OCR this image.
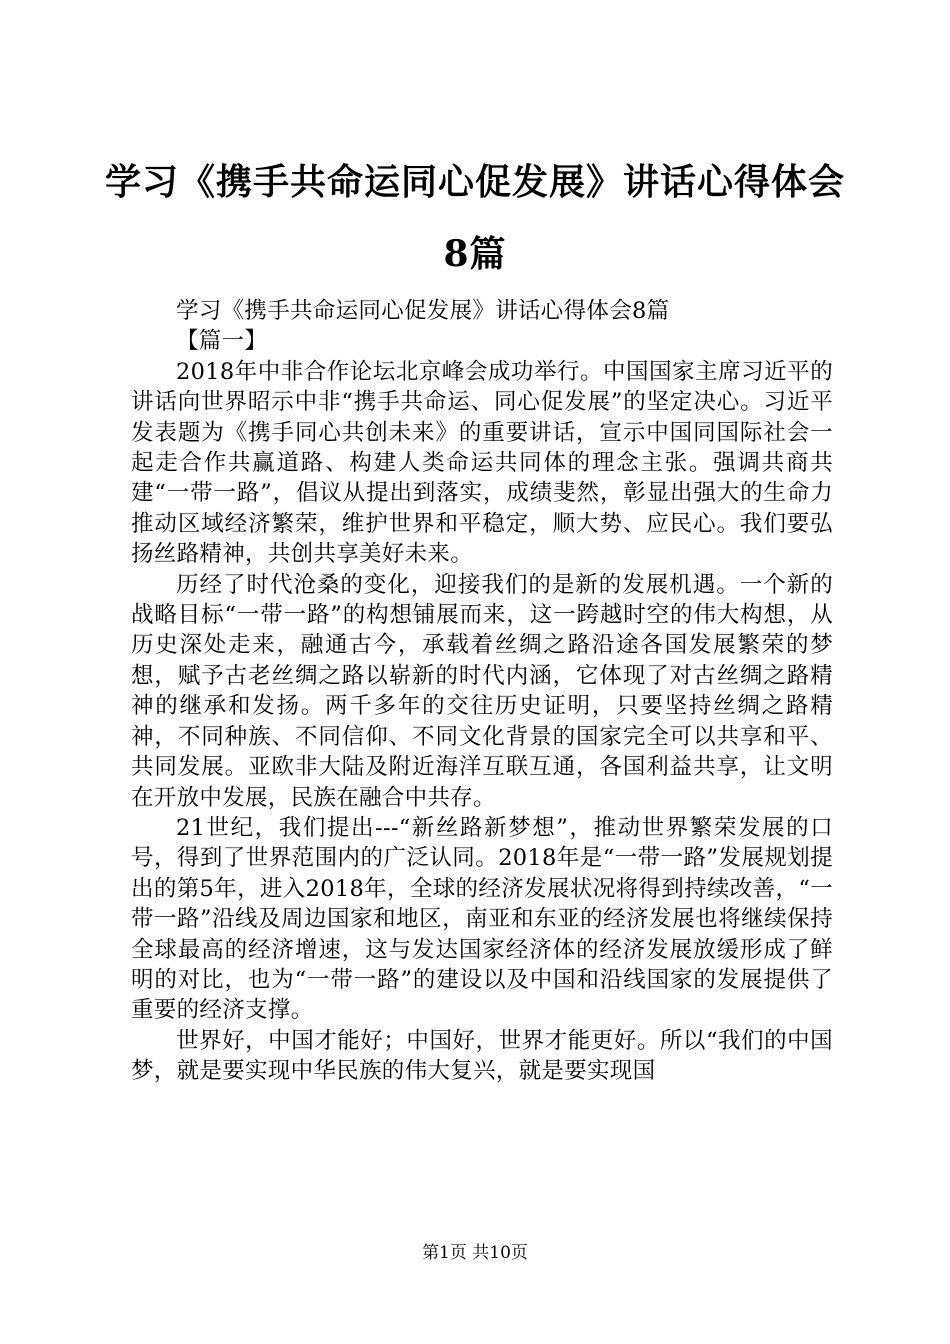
学习《携手共命运同心促发展》讲话心得体会8篇

学习《携手共命运同心促发展》讲话心得体会8篇

【篇一】

2018年中非合作论坛北京峰会成功举行。中国国家主席习近平的讲话向世界昭示中非“携手共命运、同心促发展”的坚定决心。习近平发表题为《携手同心共创未来》的重要讲话，宣示中国同国际社会一起走合作共赢道路、构建人类命运共同体的理念主张。强调共商共建“一带一路”，倡议从提出到落实，成绩斐然，彰显出强大的生命力推动区域经济繁荣，维护世界和平稳定，顺大势、应民心。我们要弘扬丝路精神，共创共享美好未来。

历经了时代沧桑的变化，迎接我们的是新的发展机遇。一个新的战略目标“一带一路”的构想铺展而来，这一跨越时空的伟大构想，从历史深处走来，融通古今，承载着丝绸之路沿途各国发展繁荣的梦想，赋予古老丝绸之路以崭新的时代内涵，它体现了对古丝绸之路精神的继承和发扬。两千多年的交往历史证明，只要坚持丝绸之路精神，不同种族、不同信仰、不同文化背景的国家完全可以共享和平、共同发展。亚欧非大陆及附近海洋互联互通，各国利益共享，让文明在开放中发展，民族在融合中共存。

21世纪，我们提出---“新丝路新梦想”，推动世界繁荣发展的口号，得到了世界范围内的广泛认同。2018年是“一带一路”发展规划提出的第5年，进入2018年，全球的经济发展状况将得到持续改善，“一带一路”沿线及周边国家和地区，南亚和东亚的经济发展也将继续保持全球最高的经济增速，这与发达国家经济体的经济发展放缓形成了鲜明的对比，也为“一带一路”的建设以及中国和沿线国家的发展提供了重要的经济支撑。

世界好，中国才能好；中国好，世界才能更好。所以“我们的中国梦，就是要实现中华民族的伟大复兴，就是要实现国

第1页 共10页
